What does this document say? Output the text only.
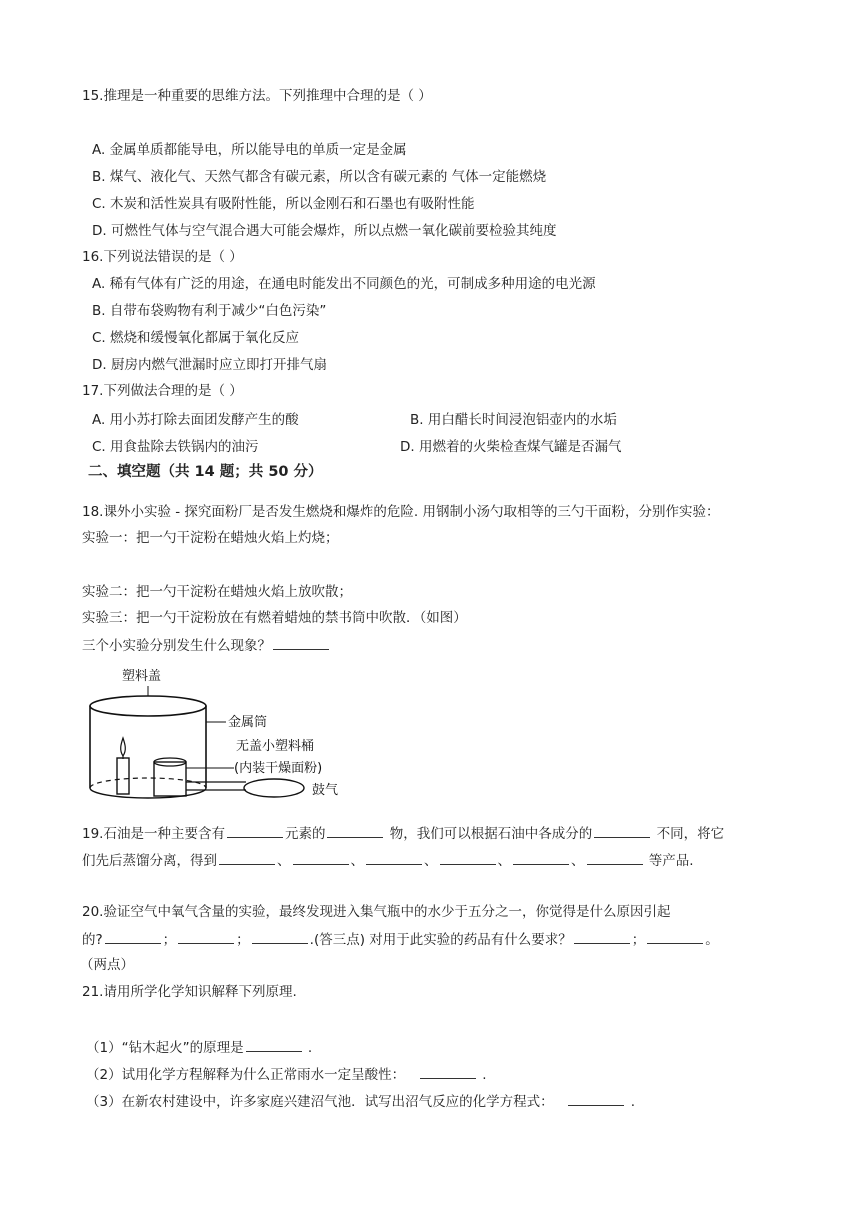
15.推理是一种重要的思维方法。下列推理中合理的是（ ）
A. 金属单质都能导电，所以能导电的单质一定是金属
B. 煤气、液化气、天然气都含有碳元素，所以含有碳元素的 气体一定能燃烧
C. 木炭和活性炭具有吸附性能，所以金刚石和石墨也有吸附性能
D. 可燃性气体与空气混合遇大可能会爆炸，所以点燃一氧化碳前要检验其纯度
16.下列说法错误的是（ ）
A. 稀有气体有广泛的用途，在通电时能发出不同颜色的光，可制成多种用途的电光源
B. 自带布袋购物有利于减少“白色污染”
C. 燃烧和缓慢氧化都属于氧化反应
D. 厨房内燃气泄漏时应立即打开排气扇
17.下列做法合理的是（ ）
A. 用小苏打除去面团发酵产生的酸	B. 用白醋长时间浸泡铝壶内的水垢
C. 用食盐除去铁锅内的油污	D. 用燃着的火柴检查煤气罐是否漏气
二、填空题（共 14 题；共 50 分）
18.课外小实验 - 探究面粉厂是否发生燃烧和爆炸的危险. 用钢制小汤勺取相等的三勺干面粉，分别作实验：
实验一：把一勺干淀粉在蜡烛火焰上灼烧；
实验二：把一勺干淀粉在蜡烛火焰上放吹散；
实验三：把一勺干淀粉放在有燃着蜡烛的禁书筒中吹散．（如图）
三个小实验分别发生什么现象？
塑料盖
金属筒
无盖小塑料桶
(内装干燥面粉)
鼓气
19.石油是一种主要含有	元素的	物，我们可以根据石油中各成分的	不同，将它
们先后蒸馏分离，得到	、	、	、	、	、	等产品.
20.验证空气中氧气含量的实验，最终发现进入集气瓶中的水少于五分之一，你觉得是什么原因引起
的?	；	；	.(答三点) 对用于此实验的药品有什么要求？	；	。
（两点）
21.请用所学化学知识解释下列原理.
（1）“钻木起火”的原理是	.
（2）试用化学方程解释为什么正常雨水一定呈酸性：	.
（3）在新农村建设中，许多家庭兴建沼气池．试写出沼气反应的化学方程式：	.
